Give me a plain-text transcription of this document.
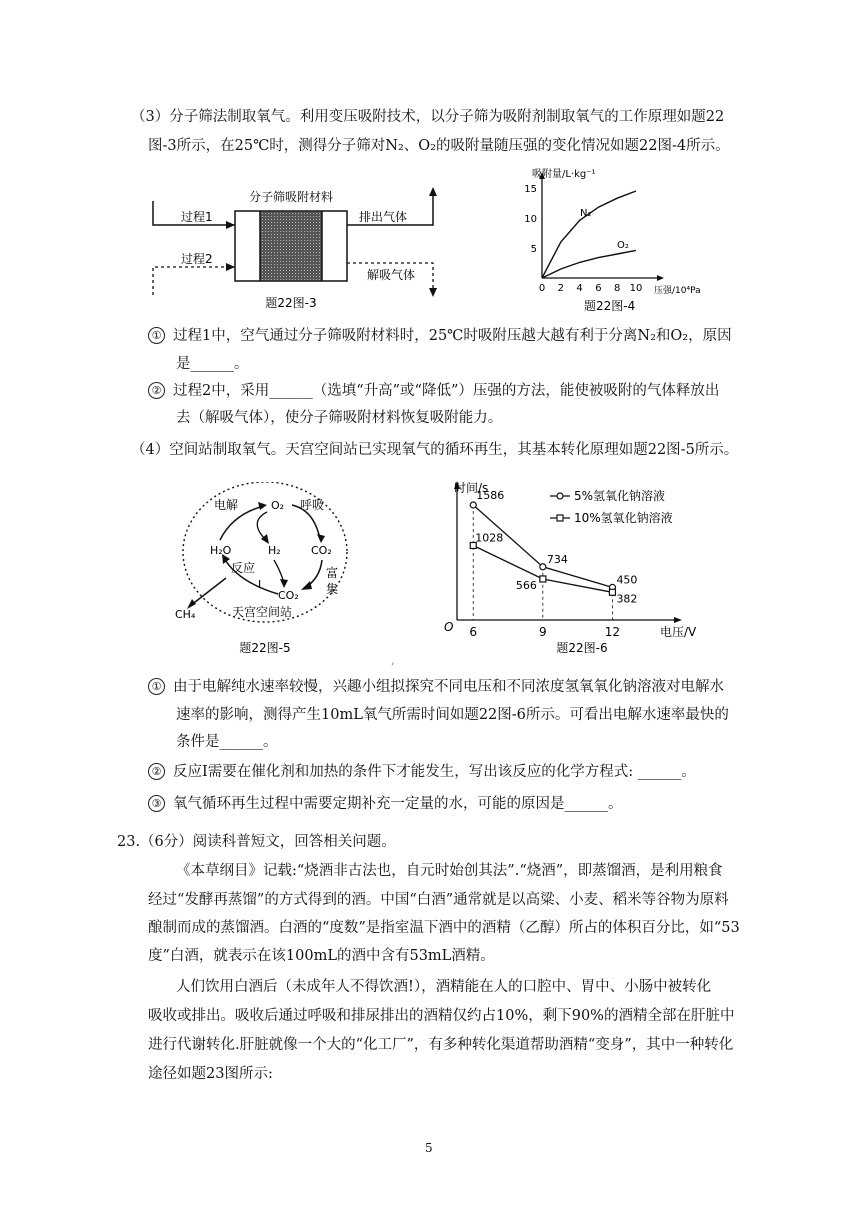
（3）分子筛法制取氧气。利用变压吸附技术，以分子筛为吸附剂制取氧气的工作原理如题22
图-3所示，在25℃时，测得分子筛对N₂、O₂的吸附量随压强的变化情况如题22图-4所示。
分子筛吸附材料
过程1
过程2
排出气体
解吸气体
题22图-3
吸附量/L·kg⁻¹
压强/10⁴Pa
15
10
5
0 2 4 6 8 10
N₂
O₂
题22图-4
① 过程1中，空气通过分子筛吸附材料时，25℃时吸附压越大越有利于分离N₂和O₂，原因
是______。
② 过程2中，采用______（选填“升高”或“降低”）压强的方法，能使被吸附的气体释放出
去（解吸气体），使分子筛吸附材料恢复吸附能力。
（4）空间站制取氧气。天宫空间站已实现氧气的循环再生，其基本转化原理如题22图-5所示。
电解	O₂ 呼吸
H₂O	H₂	CO₂
反应
I
富
集
CO₂
CH₄	天宫空间站
题22图-5
时间/s
电压/V
O
5%氢氧化钠溶液
10%氢氧化钠溶液
6	9	12
1586
734
450
1028
566
382
题22图-6
,
① 由于电解纯水速率较慢，兴趣小组拟探究不同电压和不同浓度氢氧氧化钠溶液对电解水
速率的影响，测得产生10mL氧气所需时间如题22图-6所示。可看出电解水速率最快的
条件是______。
② 反应I需要在催化剂和加热的条件下才能发生，写出该反应的化学方程式: ______。
③ 氧气循环再生过程中需要定期补充一定量的水，可能的原因是______。
23.（6分）阅读科普短文，回答相关问题。
《本草纲目》记载:“烧酒非古法也，自元时始创其法”.“烧酒”，即蒸馏酒，是利用粮食
经过“发酵再蒸馏”的方式得到的酒。中国“白酒”通常就是以高粱、小麦、稻米等谷物为原料
酿制而成的蒸馏酒。白酒的“度数”是指室温下酒中的酒精（乙醇）所占的体积百分比，如“53
度”白酒，就表示在该100mL的酒中含有53mL酒精。
人们饮用白酒后（未成年人不得饮酒!），酒精能在人的口腔中、胃中、小肠中被转化
吸收或排出。吸收后通过呼吸和排尿排出的酒精仅约占10%，剩下90%的酒精全部在肝脏中
进行代谢转化.肝脏就像一个大的“化工厂”，有多种转化渠道帮助酒精“变身”，其中一种转化
途径如题23图所示:
5
